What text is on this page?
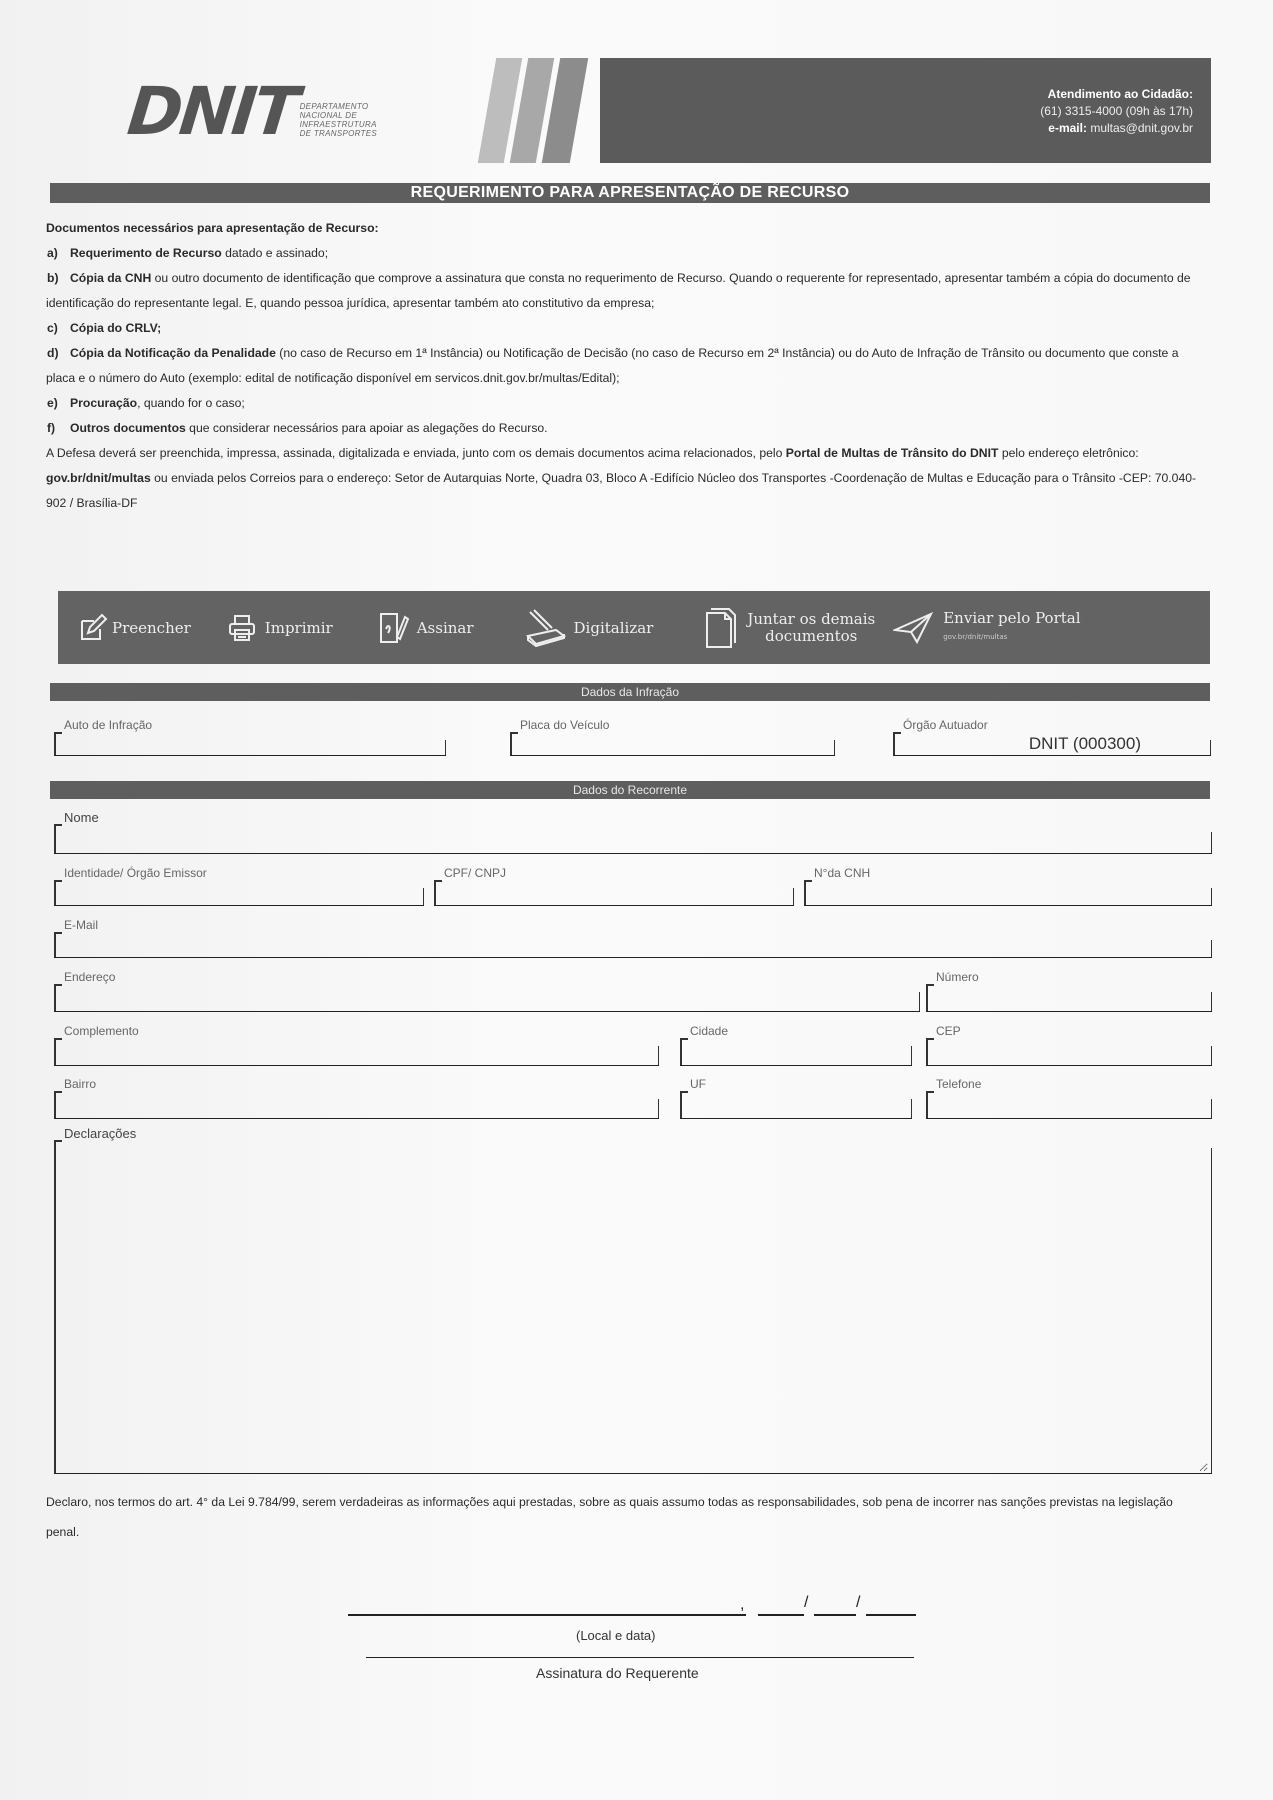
DNIT DEPARTAMENTO
NACIONAL DE
INFRAESTRUTURA
DE TRANSPORTES
Atendimento ao Cidadão:
(61) 3315-4000 (09h às 17h)
e-mail: multas@dnit.gov.br
REQUERIMENTO PARA APRESENTAÇÃO DE RECURSO
Documentos necessários para apresentação de Recurso:
a) Requerimento de Recurso datado e assinado;
b) Cópia da CNH ou outro documento de identificação que comprove a assinatura que consta no requerimento de Recurso. Quando o requerente for representado, apresentar também a cópia do documento de identificação do representante legal. E, quando pessoa jurídica, apresentar também ato constitutivo da empresa;
c) Cópia do CRLV;
d) Cópia da Notificação da Penalidade (no caso de Recurso em 1ª Instância) ou Notificação de Decisão (no caso de Recurso em 2ª Instância) ou do Auto de Infração de Trânsito ou documento que conste a placa e o número do Auto (exemplo: edital de notificação disponível em servicos.dnit.gov.br/multas/Edital);
e) Procuração, quando for o caso;
f) Outros documentos que considerar necessários para apoiar as alegações do Recurso.
A Defesa deverá ser preenchida, impressa, assinada, digitalizada e enviada, junto com os demais documentos acima relacionados, pelo Portal de Multas de Trânsito do DNIT pelo endereço eletrônico: gov.br/dnit/multas ou enviada pelos Correios para o endereço: Setor de Autarquias Norte, Quadra 03, Bloco A -Edifício Núcleo dos Transportes -Coordenação de Multas e Educação para o Trânsito -CEP: 70.040-902 / Brasília-DF
Preencher	Imprimir	Assinar	Digitalizar	Juntar os demais
documentos
Enviar pelo Portal
gov.br/dnit/multas
Dados da Infração
Auto de Infração	Placa do Veículo	Órgão Autuador
DNIT (000300)
Dados do Recorrente
Nome
Identidade/ Órgão Emissor	CPF/ CNPJ	N°da CNH
E-Mail
Endereço	Número
Complemento	Cidade	CEP
Bairro	UF	Telefone
Declarações
Declaro, nos termos do art. 4° da Lei 9.784/99, serem verdadeiras as informações aqui prestadas, sobre as quais assumo todas as responsabilidades, sob pena de incorrer nas sanções previstas na legislação penal.
,	/	/
(Local e data)
Assinatura do Requerente
